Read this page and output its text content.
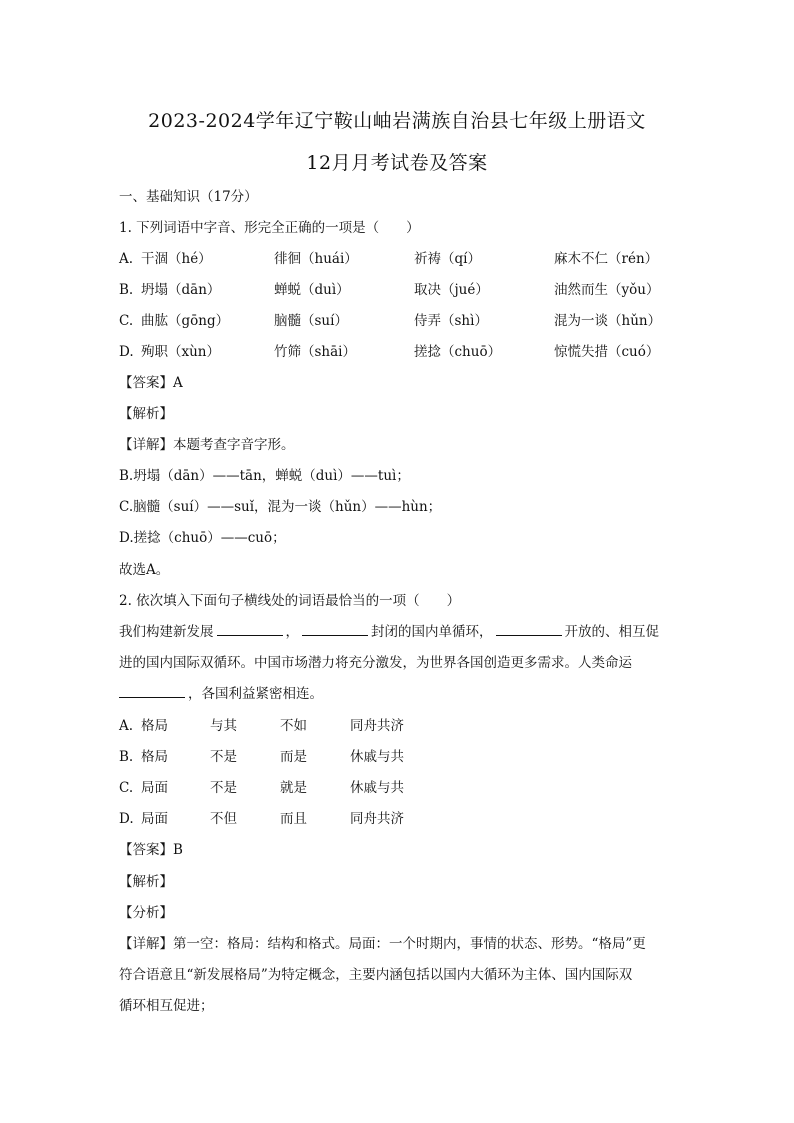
2023-2024学年辽宁鞍山岫岩满族自治县七年级上册语文
12月月考试卷及答案
一、基础知识（17分）
1. 下列词语中字音、形完全正确的一项是（　　）
A. 干涸（hé）	徘徊（huái）	祈祷（qí）	麻木不仁（rén）
B. 坍塌（dān）	蝉蜕（duì）	取决（jué）	油然而生（yǒu）
C. 曲肱（gōng）	脑髓（suí）	侍弄（shì）	混为一谈（hǔn）
D. 殉职（xùn）	竹筛（shāi）	搓捻（chuō）	惊慌失措（cuó）
【答案】A
【解析】
【详解】本题考查字音字形。
B.坍塌（dān）——tān，蝉蜕（duì）——tuì；
C.脑髓（suí）——suǐ，混为一谈（hǔn）——hùn；
D.搓捻（chuō）——cuō；
故选A。
2. 依次填入下面句子横线处的词语最恰当的一项（　　）
我们构建新发展	，	封闭的国内单循环，	开放的、相互促
进的国内国际双循环。中国市场潜力将充分激发，为世界各国创造更多需求。人类命运
，各国利益紧密相连。
A. 格局	与其	不如	同舟共济
B. 格局	不是	而是	休戚与共
C. 局面	不是	就是	休戚与共
D. 局面	不但	而且	同舟共济
【答案】B
【解析】
【分析】
【详解】第一空：格局：结构和格式。局面：一个时期内，事情的状态、形势。“格局”更
符合语意且“新发展格局”为特定概念，主要内涵包括以国内大循环为主体、国内国际双
循环相互促进；
